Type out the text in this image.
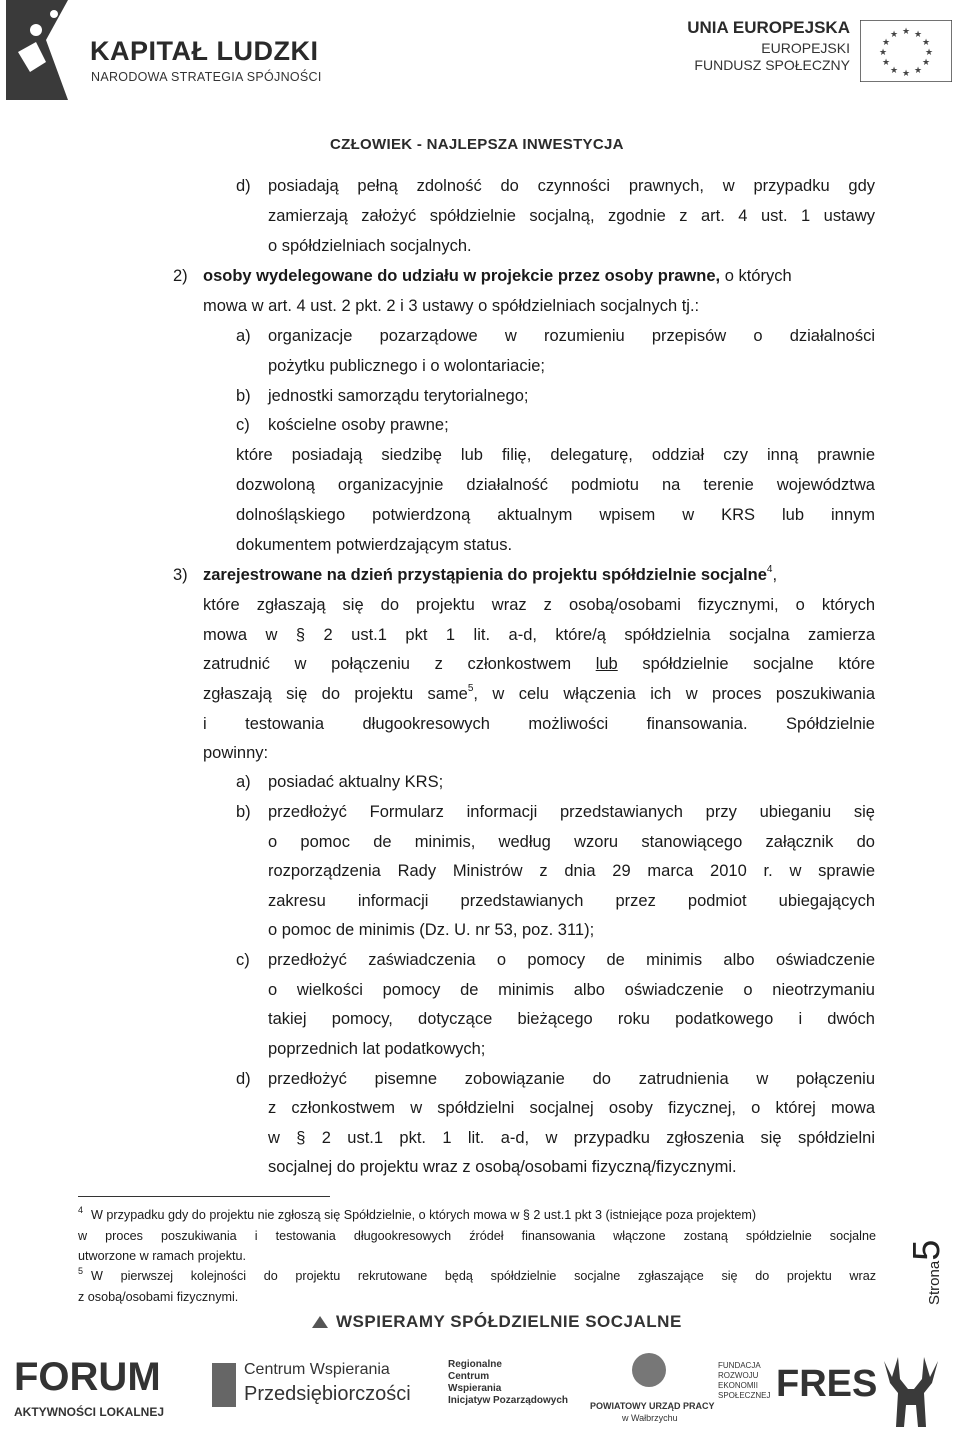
KAPITAŁ LUDZKI
NARODOWA STRATEGIA SPÓJNOŚCI
UNIA EUROPEJSKA
EUROPEJSKI
FUNDUSZ SPOŁECZNY
★ ★
★
★
★
★
★
★
★
★
★
★
CZŁOWIEK - NAJLEPSZA INWESTYCJA
d) posiadają pełną zdolność do czynności prawnych, w przypadku gdy
zamierzają założyć spółdzielnie socjalną, zgodnie z art. 4 ust. 1 ustawy
o spółdzielniach socjalnych.
2) osoby wydelegowane do udziału w projekcie przez osoby prawne, o których
mowa w art. 4 ust. 2 pkt. 2 i 3 ustawy o spółdzielniach socjalnych tj.:
a) organizacje pozarządowe w rozumieniu przepisów o działalności
pożytku publicznego i o wolontariacie;
b) jednostki samorządu terytorialnego;
c) kościelne osoby prawne;
które posiadają siedzibę lub filię, delegaturę, oddział czy inną prawnie
dozwoloną organizacyjnie działalność podmiotu na terenie województwa
dolnośląskiego potwierdzoną aktualnym wpisem w KRS lub innym
dokumentem potwierdzającym status.
3) zarejestrowane na dzień przystąpienia do projektu spółdzielnie socjalne$^4$,
które zgłaszają się do projektu wraz z osobą/osobami fizycznymi, o których
mowa w § 2 ust.1 pkt 1 lit. a-d, które/ą spółdzielnia socjalna zamierza
zatrudnić w połączeniu z członkostwem lub spółdzielnie socjalne które
zgłaszają się do projektu same$^5$, w celu włączenia ich w proces poszukiwania
i testowania długookresowych możliwości finansowania. Spółdzielnie
powinny:
a) posiadać aktualny KRS;
b) przedłożyć Formularz informacji przedstawianych przy ubieganiu się
o pomoc de minimis, według wzoru stanowiącego załącznik do
rozporządzenia Rady Ministrów z dnia 29 marca 2010 r. w sprawie
zakresu informacji przedstawianych przez podmiot ubiegających
o pomoc de minimis (Dz. U. nr 53, poz. 311);
c) przedłożyć zaświadczenia o pomocy de minimis albo oświadczenie
o wielkości pomocy de minimis albo oświadczenie o nieotrzymaniu
takiej pomocy, dotyczące bieżącego roku podatkowego i dwóch
poprzednich lat podatkowych;
d) przedłożyć pisemne zobowiązanie do zatrudnienia w połączeniu
z członkostwem w spółdzielni socjalnej osoby fizycznej, o której mowa
w § 2 ust.1 pkt. 1 lit. a-d, w przypadku zgłoszenia się spółdzielni
socjalnej do projektu wraz z osobą/osobami fizyczną/fizycznymi.
$^4$ W przypadku gdy do projektu nie zgłoszą się Spółdzielnie, o których mowa w § 2 ust.1 pkt 3 (istniejące poza projektem)
w proces poszukiwania i testowania długookresowych źródeł finansowania włączone zostaną spółdzielnie socjalne
utworzone w ramach projektu.
$^5$ W pierwszej kolejności do projektu rekrutowane będą spółdzielnie socjalne zgłaszające się do projektu wraz
z osobą/osobami fizycznymi.	Strona5
WSPIERAMY SPÓŁDZIELNIE SOCJALNE
FORUM
AKTYWNOŚCI LOKALNEJ
Centrum Wspierania
Przedsiębiorczości
Regionalne
Centrum
Wspierania
Inicjatyw Pozarządowych POWIATOWY URZĄD PRACY
w Wałbrzychu
FUNDACJA
ROZWOJU
EKONOMII
SPOŁECZNEJ FRES
